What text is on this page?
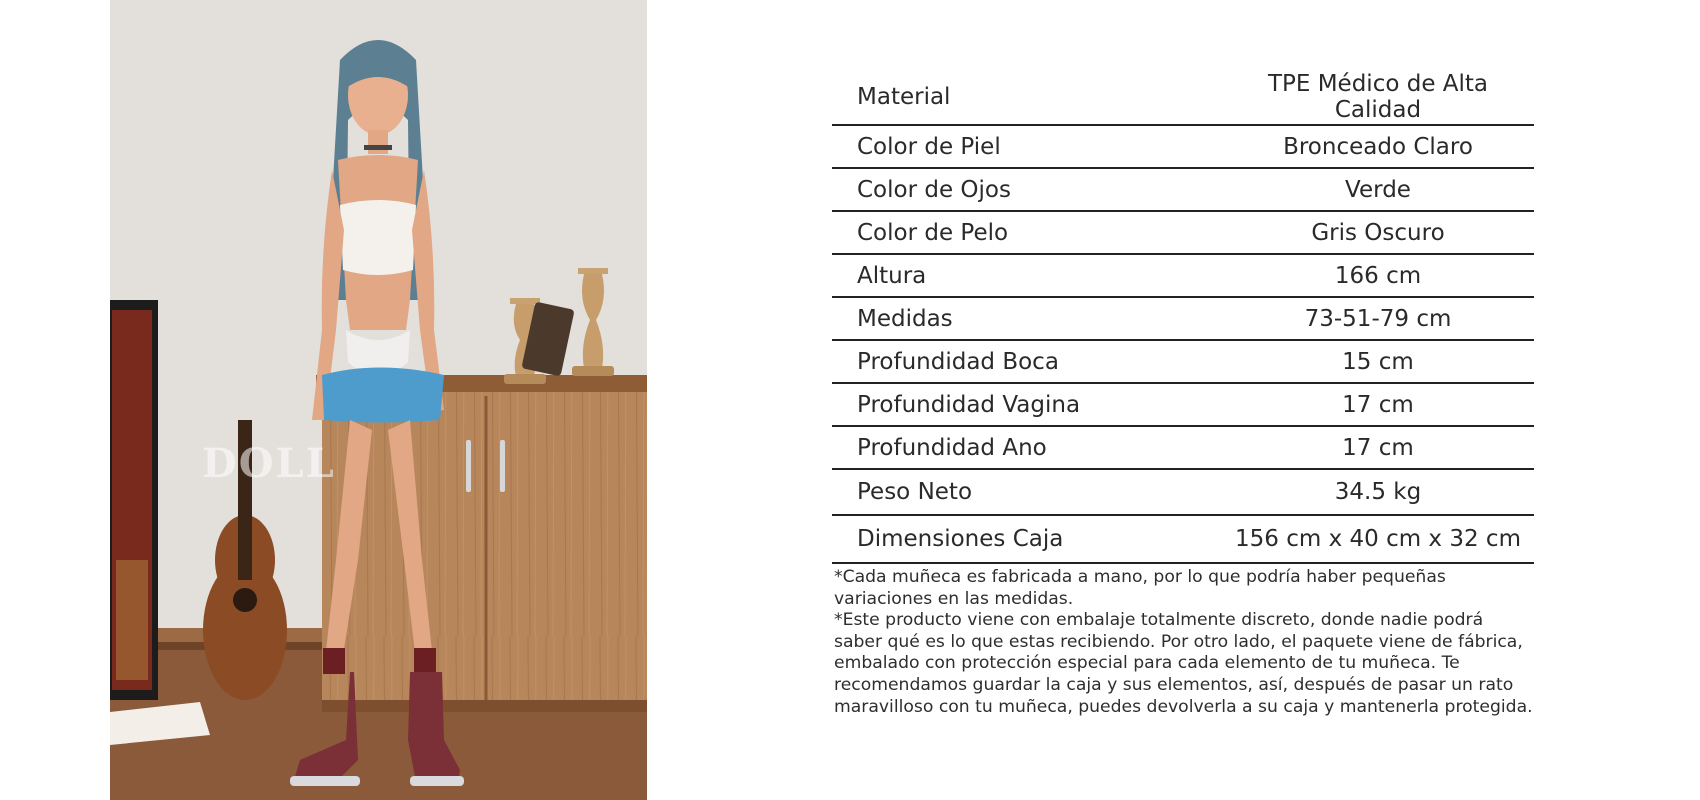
DOLL
Material	TPE Médico de Alta Calidad
Color de Piel	Bronceado Claro
Color de Ojos	Verde
Color de Pelo	Gris Oscuro
Altura	166 cm
Medidas	73-51-79 cm
Profundidad Boca	15 cm
Profundidad Vagina	17 cm
Profundidad Ano	17 cm
Peso Neto	34.5 kg
Dimensiones Caja	156 cm x 40 cm x 32 cm

*Cada muñeca es fabricada a mano, por lo que podría haber pequeñas variaciones en las medidas.

*Este producto viene con embalaje totalmente discreto, donde nadie podrá saber qué es lo que estas recibiendo. Por otro lado, el paquete viene de fábrica, embalado con protección especial para cada elemento de tu muñeca. Te recomendamos guardar la caja y sus elementos, así, después de pasar un rato maravilloso con tu muñeca, puedes devolverla a su caja y mantenerla protegida.
